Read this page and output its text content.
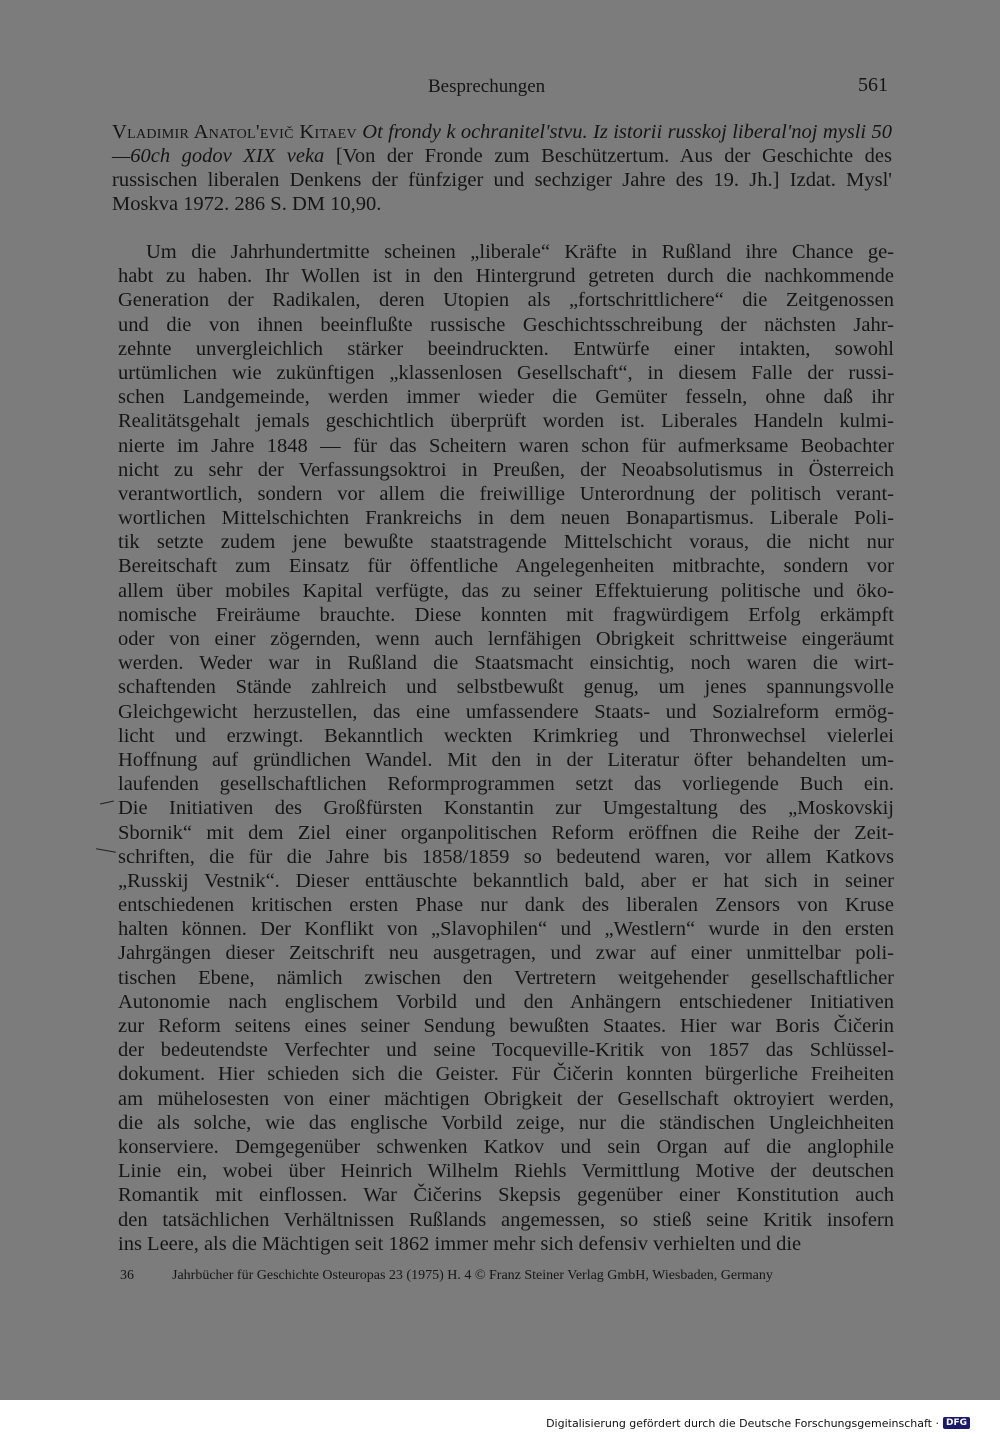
Besprechungen	561
Vladimir Anatol'evič Kitaev Ot frondy k ochranitel'stvu. Iz istorii russkoj liberal'noj mysli 50—60ch godov XIX veka [Von der Fronde zum Beschützertum. Aus der Geschichte des russischen liberalen Denkens der fünfziger und sechziger Jahre des 19. Jh.] Izdat. Mysl' Moskva 1972. 286 S. DM 10,90.
Um die Jahrhundertmitte scheinen „liberale“ Kräfte in Rußland ihre Chance ge-
habt zu haben. Ihr Wollen ist in den Hintergrund getreten durch die nachkommende
Generation der Radikalen, deren Utopien als „fortschrittlichere“ die Zeitgenossen
und die von ihnen beeinflußte russische Geschichtsschreibung der nächsten Jahr-
zehnte unvergleichlich stärker beeindruckten. Entwürfe einer intakten, sowohl
urtümlichen wie zukünftigen „klassenlosen Gesellschaft“, in diesem Falle der russi-
schen Landgemeinde, werden immer wieder die Gemüter fesseln, ohne daß ihr
Realitätsgehalt jemals geschichtlich überprüft worden ist. Liberales Handeln kulmi-
nierte im Jahre 1848 — für das Scheitern waren schon für aufmerksame Beobachter
nicht zu sehr der Verfassungsoktroi in Preußen, der Neoabsolutismus in Österreich
verantwortlich, sondern vor allem die freiwillige Unterordnung der politisch verant-
wortlichen Mittelschichten Frankreichs in dem neuen Bonapartismus. Liberale Poli-
tik setzte zudem jene bewußte staatstragende Mittelschicht voraus, die nicht nur
Bereitschaft zum Einsatz für öffentliche Angelegenheiten mitbrachte, sondern vor
allem über mobiles Kapital verfügte, das zu seiner Effektuierung politische und öko-
nomische Freiräume brauchte. Diese konnten mit fragwürdigem Erfolg erkämpft
oder von einer zögernden, wenn auch lernfähigen Obrigkeit schrittweise eingeräumt
werden. Weder war in Rußland die Staatsmacht einsichtig, noch waren die wirt-
schaftenden Stände zahlreich und selbstbewußt genug, um jenes spannungsvolle
Gleichgewicht herzustellen, das eine umfassendere Staats- und Sozialreform ermög-
licht und erzwingt. Bekanntlich weckten Krimkrieg und Thronwechsel vielerlei
Hoffnung auf gründlichen Wandel. Mit den in der Literatur öfter behandelten um-
laufenden gesellschaftlichen Reformprogrammen setzt das vorliegende Buch ein.
Die Initiativen des Großfürsten Konstantin zur Umgestaltung des „Moskovskij
Sbornik“ mit dem Ziel einer organpolitischen Reform eröffnen die Reihe der Zeit-
schriften, die für die Jahre bis 1858/1859 so bedeutend waren, vor allem Katkovs
„Russkij Vestnik“. Dieser enttäuschte bekanntlich bald, aber er hat sich in seiner
entschiedenen kritischen ersten Phase nur dank des liberalen Zensors von Kruse
halten können. Der Konflikt von „Slavophilen“ und „Westlern“ wurde in den ersten
Jahrgängen dieser Zeitschrift neu ausgetragen, und zwar auf einer unmittelbar poli-
tischen Ebene, nämlich zwischen den Vertretern weitgehender gesellschaftlicher
Autonomie nach englischem Vorbild und den Anhängern entschiedener Initiativen
zur Reform seitens eines seiner Sendung bewußten Staates. Hier war Boris Čičerin
der bedeutendste Verfechter und seine Tocqueville-Kritik von 1857 das Schlüssel-
dokument. Hier schieden sich die Geister. Für Čičerin konnten bürgerliche Freiheiten
am mühelosesten von einer mächtigen Obrigkeit der Gesellschaft oktroyiert werden,
die als solche, wie das englische Vorbild zeige, nur die ständischen Ungleichheiten
konserviere. Demgegenüber schwenken Katkov und sein Organ auf die anglophile
Linie ein, wobei über Heinrich Wilhelm Riehls Vermittlung Motive der deutschen
Romantik mit einflossen. War Čičerins Skepsis gegenüber einer Konstitution auch
den tatsächlichen Verhältnissen Rußlands angemessen, so stieß seine Kritik insofern
ins Leere, als die Mächtigen seit 1862 immer mehr sich defensiv verhielten und die
36	Jahrbücher für Geschichte Osteuropas 23 (1975) H. 4 © Franz Steiner Verlag GmbH, Wiesbaden, Germany
Digitalisierung gefördert durch die Deutsche Forschungsgemeinschaft · DFG
